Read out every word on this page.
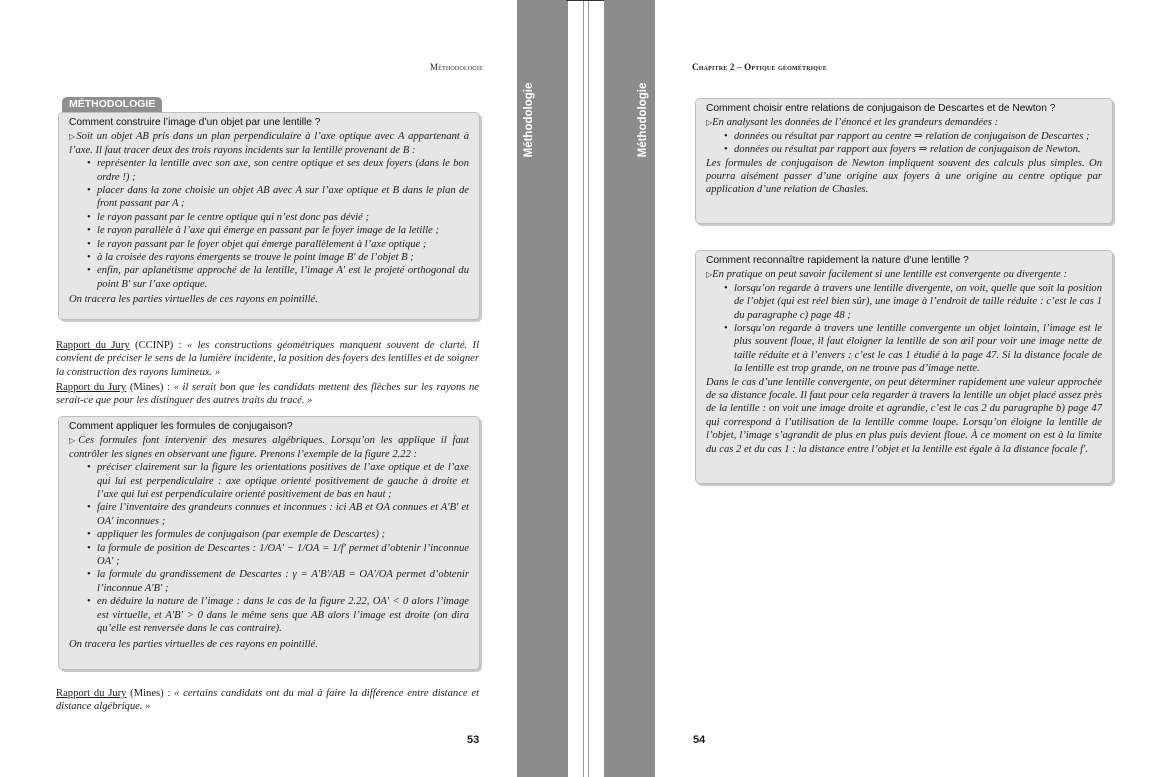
Méthodologie
MÉTHODOLOGIE
Comment construire l’image d’un objet par une lentille ?

▷ Soit un objet AB pris dans un plan perpendiculaire à l’axe optique avec A appartenant à l’axe. Il faut tracer deux des trois rayons incidents sur la lentille provenant de B :

• représenter la lentille avec son axe, son centre optique et ses deux foyers (dans le bon ordre !) ;
• placer dans la zone choisie un objet AB avec A sur l’axe optique et B dans le plan de front passant par A ;
• le rayon passant par le centre optique qui n’est donc pas dévié ;
• le rayon parallèle à l’axe qui émerge en passant par le foyer image de la letille ;
• le rayon passant par le foyer objet qui émerge parallèlement à l’axe optique ;
• à la croisée des rayons émergents se trouve le point image B′ de l’objet B ;
• enfin, par aplanétisme approché de la lentille, l’image A′ est le projeté orthogonal du point B′ sur l’axe optique.

On tracera les parties virtuelles de ces rayons en pointillé.

Rapport du Jury (CCINP) : « les constructions géométriques manquent souvent de clarté. Il convient de préciser le sens de la lumière incidente, la position des foyers des lentilles et de soigner la construction des rayons lumineux. »
Rapport du Jury (Mines) : « il serait bon que les candidats mettent des flèches sur les rayons ne serait-ce que pour les distinguer des autres traits du tracé. »
Comment appliquer les formules de conjugaison?

▷ Ces formules font intervenir des mesures algébriques. Lorsqu’on les applique il faut contrôler les signes en observant une figure. Prenons l’exemple de la figure 2.22 :

• préciser clairement sur la figure les orientations positives de l’axe optique et de l’axe qui lui est perpendiculaire : axe optique orienté positivement de gauche à droite et l’axe qui lui est perpendiculaire orienté positivement de bas en haut ;
• faire l’inventaire des grandeurs connues et inconnues : ici AB et OA connues et A′B′ et OA′ inconnues ;
• appliquer les formules de conjugaison (par exemple de Descartes) ;
• la formule de position de Descartes : 1/OA′ − 1/OA = 1/f′ permet d’obtenir l’inconnue OA′ ;
• la formule du grandissement de Descartes : γ = A′B′/AB = OA′/OA permet d’obtenir l’inconnue A′B′ ;
• en déduire la nature de l’image : dans le cas de la figure 2.22, OA′ < 0 alors l’image est virtuelle, et A′B′ > 0 dans le même sens que AB alors l’image est droite (on dira qu’elle est renversée dans le cas contraire).

On tracera les parties virtuelles de ces rayons en pointillé.

Rapport du Jury (Mines) : « certains candidats ont du mal à faire la différence entre distance et distance algébrique. »
53
Méthodologie	Méthodologie
Chapitre 2 – Optique géométrique
Comment choisir entre relations de conjugaison de Descartes et de Newton ?

▷ En analysant les données de l’énoncé et les grandeurs demandées :

• données ou résultat par rapport au centre ⇒ relation de conjugaison de Descartes ;
• données ou résultat par rapport aux foyers ⇒ relation de conjugaison de Newton.

Les formules de conjugaison de Newton impliquent souvent des calculs plus simples. On pourra aisément passer d’une origine aux foyers à une origine au centre optique par application d’une relation de Chasles.

Comment reconnaître rapidement la nature d’une lentille ?

▷ En pratique on peut savoir facilement si une lentille est convergente ou divergente :

• lorsqu’on regarde à travers une lentille divergente, on voit, quelle que soit la position de l’objet (qui est réel bien sûr), une image à l’endroit de taille réduite : c’est le cas 1 du paragraphe c) page 48 ;
• lorsqu’on regarde à travers une lentille convergente un objet lointain, l’image est le plus souvent floue, il faut éloigner la lentille de son œil pour voir une image nette de taille réduite et à l’envers : c’est le cas 1 étudié à la page 47. Si la distance focale de la lentille est trop grande, on ne trouve pas d’image nette.

Dans le cas d’une lentille convergente, on peut déterminer rapidement une valeur approchée de sa distance focale. Il faut pour cela regarder à travers la lentille un objet placé assez près de la lentille : on voit une image droite et agrandie, c’est le cas 2 du paragraphe b) page 47 qui correspond à l’utilisation de la lentille comme loupe. Lorsqu’on éloigne la lentille de l’objet, l’image s’agrandit de plus en plus puis devient floue. À ce moment on est à la limite du cas 2 et du cas 1 : la distance entre l’objet et la lentille est égale à la distance focale f′.

54
